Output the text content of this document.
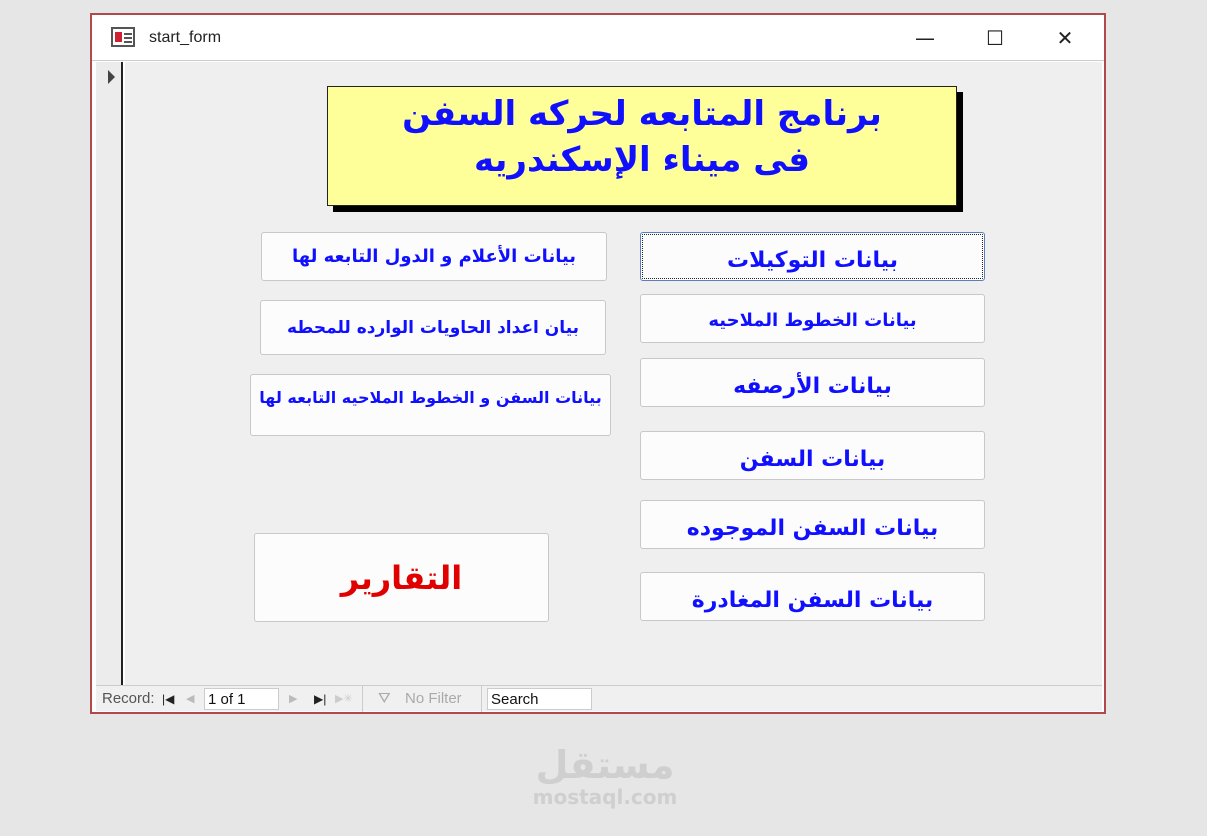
start_form	—	☐	✕
برنامج المتابعه لحركه السفن
فى ميناء الإسكندريه
بيانات التوكيلات
بيانات الخطوط الملاحيه
بيانات الأرصفه
بيانات السفن
بيانات السفن الموجوده
بيانات السفن المغادرة
بيانات الأعلام و الدول التابعه لها
بيان اعداد الحاويات الوارده للمحطه
بيانات السفن و الخطوط الملاحيه التابعه لها
التقارير
Record: |◀ ◀ 1 of 1	▶ ▶| ▶✳ ⛛ No Filter Search
مستقل
mostaql.com
